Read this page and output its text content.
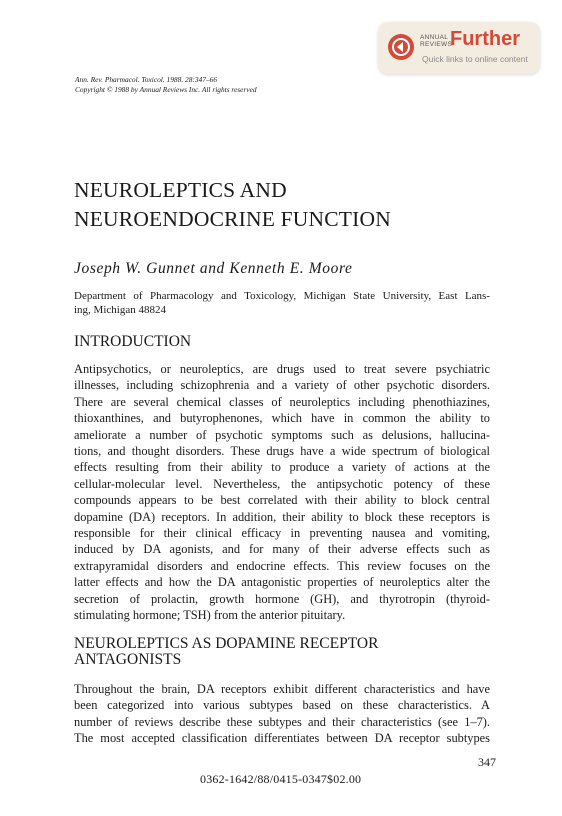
ANNUAL
REVIEWS
Further
Quick links to online content
Ann. Rev. Pharmacol. Toxicol. 1988. 28:347–66
Copyright © 1988 by Annual Reviews Inc. All rights reserved
NEUROLEPTICS AND
NEUROENDOCRINE FUNCTION
Joseph W. Gunnet and Kenneth E. Moore
Department of Pharmacology and Toxicology, Michigan State University, East Lans-
ing, Michigan 48824
INTRODUCTION
Antipsychotics, or neuroleptics, are drugs used to treat severe psychiatric
illnesses, including schizophrenia and a variety of other psychotic disorders.
There are several chemical classes of neuroleptics including phenothiazines,
thioxanthines, and butyrophenones, which have in common the ability to
ameliorate a number of psychotic symptoms such as delusions, hallucina-
tions, and thought disorders. These drugs have a wide spectrum of biological
effects resulting from their ability to produce a variety of actions at the
cellular-molecular level. Nevertheless, the antipsychotic potency of these
compounds appears to be best correlated with their ability to block central
dopamine (DA) receptors. In addition, their ability to block these receptors is
responsible for their clinical efficacy in preventing nausea and vomiting,
induced by DA agonists, and for many of their adverse effects such as
extrapyramidal disorders and endocrine effects. This review focuses on the
latter effects and how the DA antagonistic properties of neuroleptics alter the
secretion of prolactin, growth hormone (GH), and thyrotropin (thyroid-
stimulating hormone; TSH) from the anterior pituitary.
NEUROLEPTICS AS DOPAMINE RECEPTOR
ANTAGONISTS
Throughout the brain, DA receptors exhibit different characteristics and have
been categorized into various subtypes based on these characteristics. A
number of reviews describe these subtypes and their characteristics (see 1–7).
The most accepted classification differentiates between DA receptor subtypes
347
0362-1642/88/0415-0347$02.00
